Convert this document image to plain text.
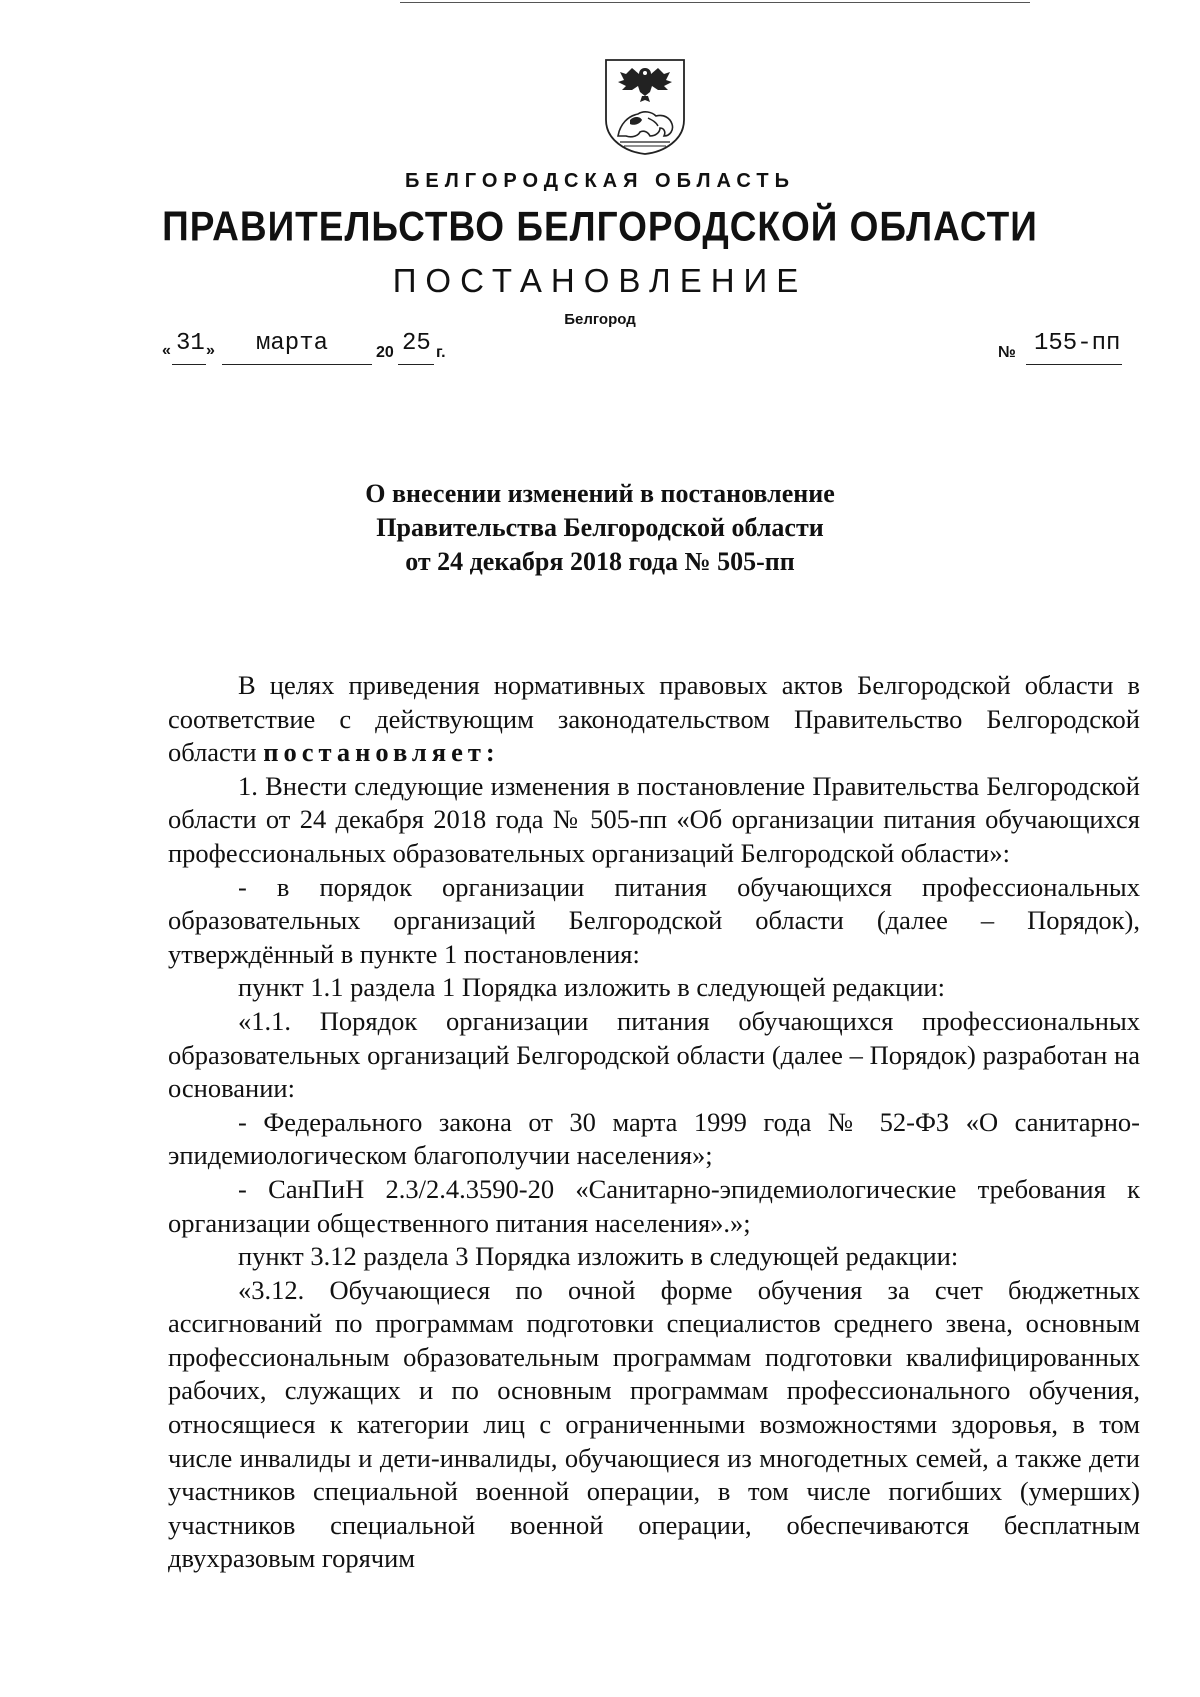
БЕЛГОРОДСКАЯ ОБЛАСТЬ
ПРАВИТЕЛЬСТВО БЕЛГОРОДСКОЙ ОБЛАСТИ
ПОСТАНОВЛЕНИЕ
Белгород
« 31 » марта	20 25 г.	№ 155-пп
О внесении изменений в постановление
Правительства Белгородской области
от 24 декабря 2018 года № 505-пп

В целях приведения нормативных правовых актов Белгородской области в соответствие с действующим законодательством Правительство Белгородской области постановляет:

1. Внести следующие изменения в постановление Правительства Белгородской области от 24 декабря 2018 года № 505-пп «Об организации питания обучающихся профессиональных образовательных организаций Белгородской области»:

- в порядок организации питания обучающихся профессиональных образовательных организаций Белгородской области (далее – Порядок), утверждённый в пункте 1 постановления:

пункт 1.1 раздела 1 Порядка изложить в следующей редакции:

«1.1. Порядок организации питания обучающихся профессиональных образовательных организаций Белгородской области (далее – Порядок) разработан на основании:

- Федерального закона от 30 марта 1999 года № 52-ФЗ «О санитарно-эпидемиологическом благополучии населения»;

- СанПиН 2.3/2.4.3590-20 «Санитарно-эпидемиологические требования к организации общественного питания населения».»;

пункт 3.12 раздела 3 Порядка изложить в следующей редакции:

«3.12. Обучающиеся по очной форме обучения за счет бюджетных ассигнований по программам подготовки специалистов среднего звена, основным профессиональным образовательным программам подготовки квалифицированных рабочих, служащих и по основным программам профессионального обучения, относящиеся к категории лиц с ограниченными возможностями здоровья, в том числе инвалиды и дети-инвалиды, обучающиеся из многодетных семей, а также дети участников специальной военной операции, в том числе погибших (умерших) участников специальной военной операции, обеспечиваются бесплатным двухразовым горячим
